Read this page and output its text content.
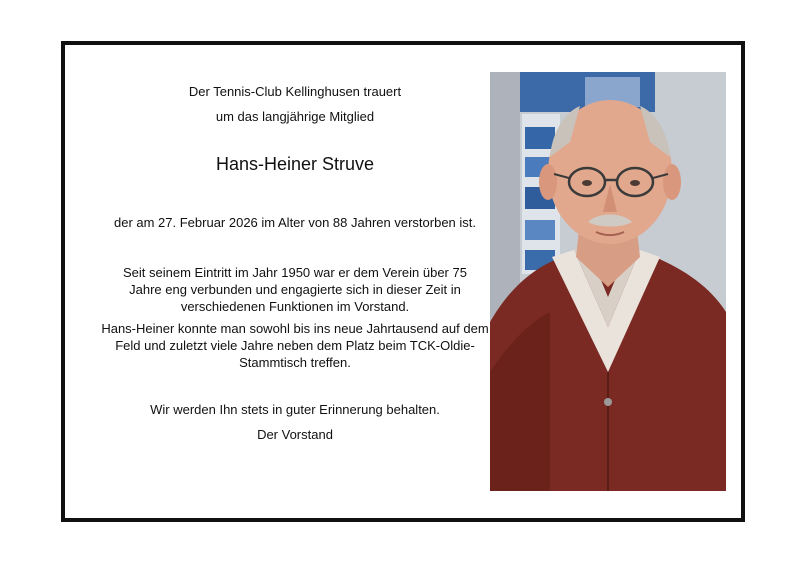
Der Tennis-Club Kellinghusen trauert
um das langjährige Mitglied
Hans-Heiner Struve
der am 27. Februar 2026 im Alter von 88 Jahren verstorben ist.
Seit seinem Eintritt im Jahr 1950 war er dem Verein über 75 Jahre eng verbunden und engagierte sich in dieser Zeit in verschiedenen Funktionen im Vorstand.
Hans-Heiner konnte man sowohl bis ins neue Jahrtausend auf dem Feld und zuletzt viele Jahre neben dem Platz beim TCK-Oldie-Stammtisch treffen.
Wir werden Ihn stets in guter Erinnerung behalten.
Der Vorstand
